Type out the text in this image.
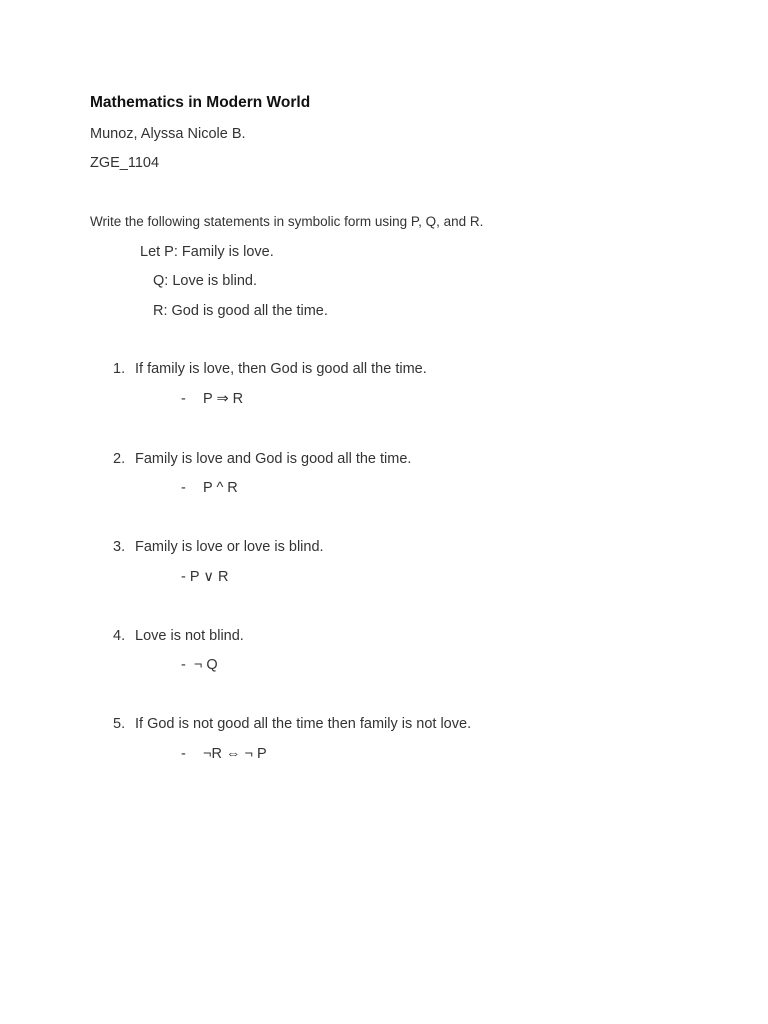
Mathematics in Modern World
Munoz, Alyssa Nicole B.
ZGE_1104
Write the following statements in symbolic form using P, Q, and R.
Let P: Family is love.
Q: Love is blind.
R: God is good all the time.
1. If family is love, then God is good all the time.
- P ⇒ R
2. Family is love and God is good all the time.
- P ^ R
3. Family is love or love is blind.
- P ∨ R
4. Love is not blind.
- ¬ Q
5. If God is not good all the time then family is not love.
- ¬R ⇔ ¬ P
